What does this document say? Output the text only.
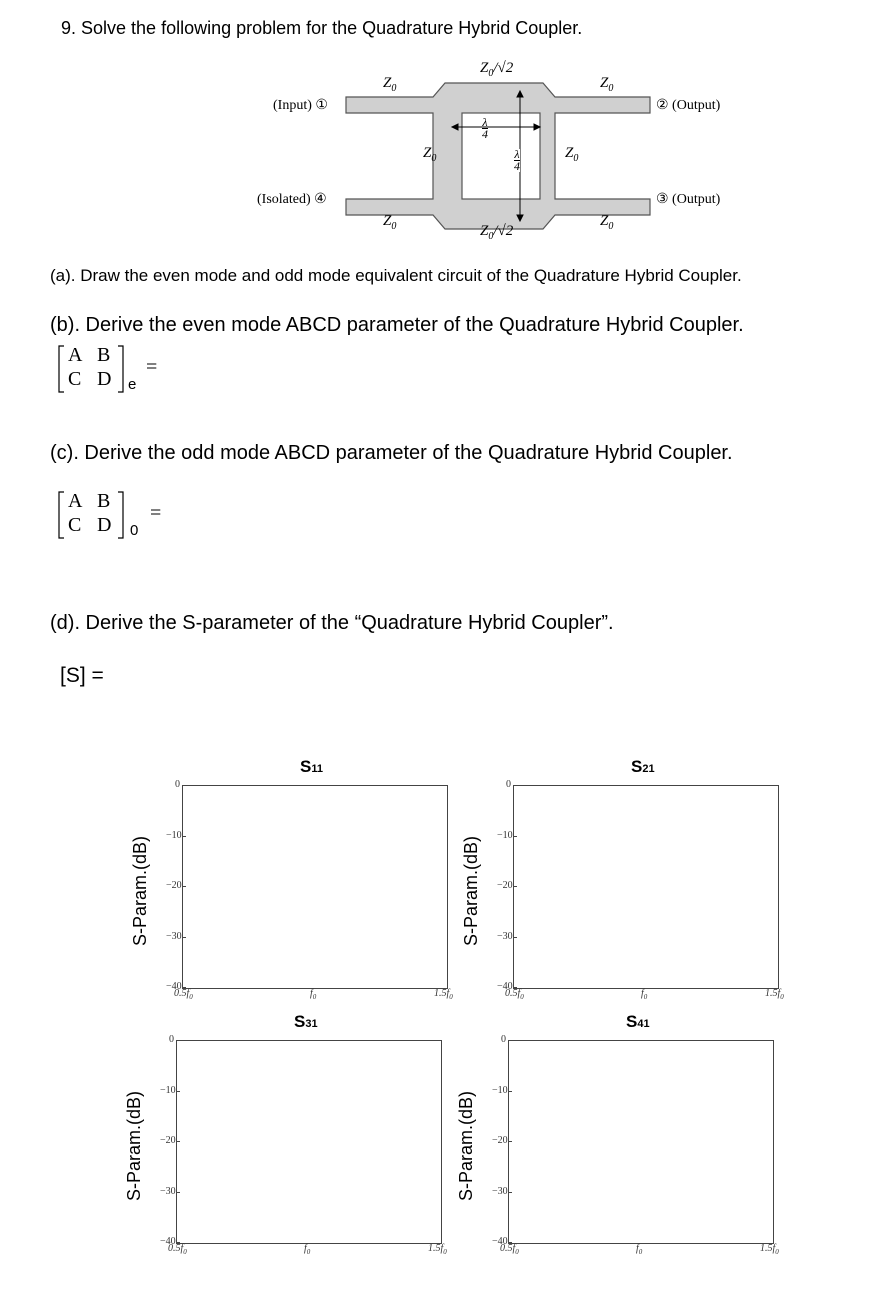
9. Solve the following problem for the Quadrature Hybrid Coupler.
$Z_0$
$Z_0/√2$
$Z_0$
$Z_0$	$Z_0$
λ
4
λ
4
$Z_0$	$Z_0/√2$
$Z_0$
(Input) ①
(Isolated) ④
② (Output)
③ (Output)
(a). Draw the even mode and odd mode equivalent circuit of the Quadrature Hybrid Coupler.
(b). Derive the even mode ABCD parameter of the Quadrature Hybrid Coupler.
A B
C D e
=
(c). Derive the odd mode ABCD parameter of the Quadrature Hybrid Coupler.
A B
C D 0
=
(d). Derive the S-parameter of the “Quadrature Hybrid Coupler”.
[S] =
S11
S-Param.(dB)
0
−10
−20
−30
−40
$0.5f_0$	$f_0$	$1.5f_0$
S21
S-Param.(dB)
0
−10
−20
−30
−40
$0.5f_0$	$f_0$	$1.5f_0$
S31
S-Param.(dB)
0
−10
−20
−30
−40
$0.5f_0$	$f_0$	$1.5f_0$
S41
S-Param.(dB)
0
−10
−20
−30
−40
$0.5f_0$	$f_0$	$1.5f_0$
